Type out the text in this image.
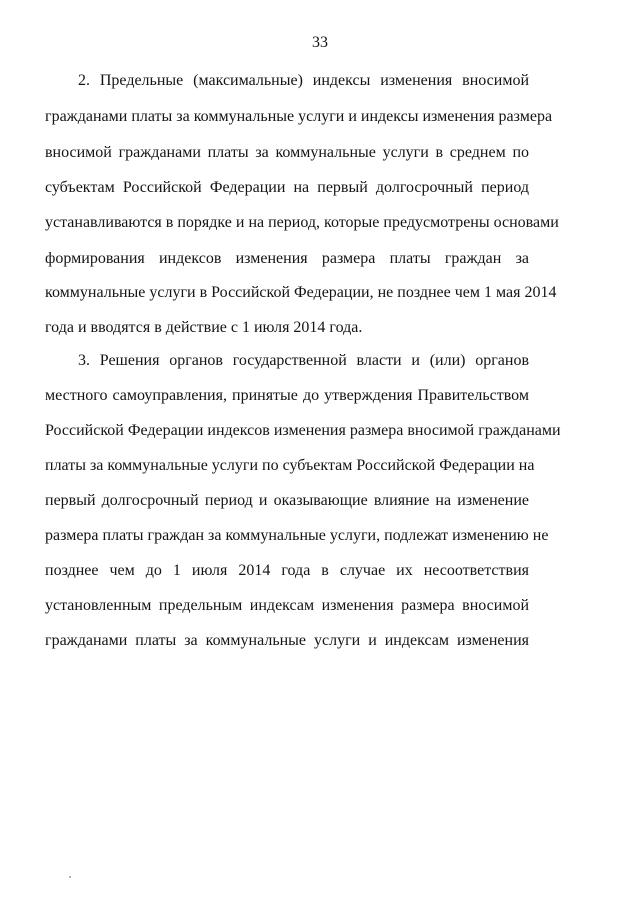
33
2. Предельные (максимальные) индексы изменения вносимой
гражданами платы за коммунальные услуги и индексы изменения размера
вносимой гражданами платы за коммунальные услуги в среднем по
субъектам Российской Федерации на первый долгосрочный период
устанавливаются в порядке и на период, которые предусмотрены основами
формирования индексов изменения размера платы граждан за
коммунальные услуги в Российской Федерации, не позднее чем 1 мая 2014
года и вводятся в действие с 1 июля 2014 года.
3. Решения органов государственной власти и (или) органов
местного самоуправления, принятые до утверждения Правительством
Российской Федерации индексов изменения размера вносимой гражданами
платы за коммунальные услуги по субъектам Российской Федерации на
первый долгосрочный период и оказывающие влияние на изменение
размера платы граждан за коммунальные услуги, подлежат изменению не
позднее чем до 1 июля 2014 года в случае их несоответствия
установленным предельным индексам изменения размера вносимой
гражданами платы за коммунальные услуги и индексам изменения
